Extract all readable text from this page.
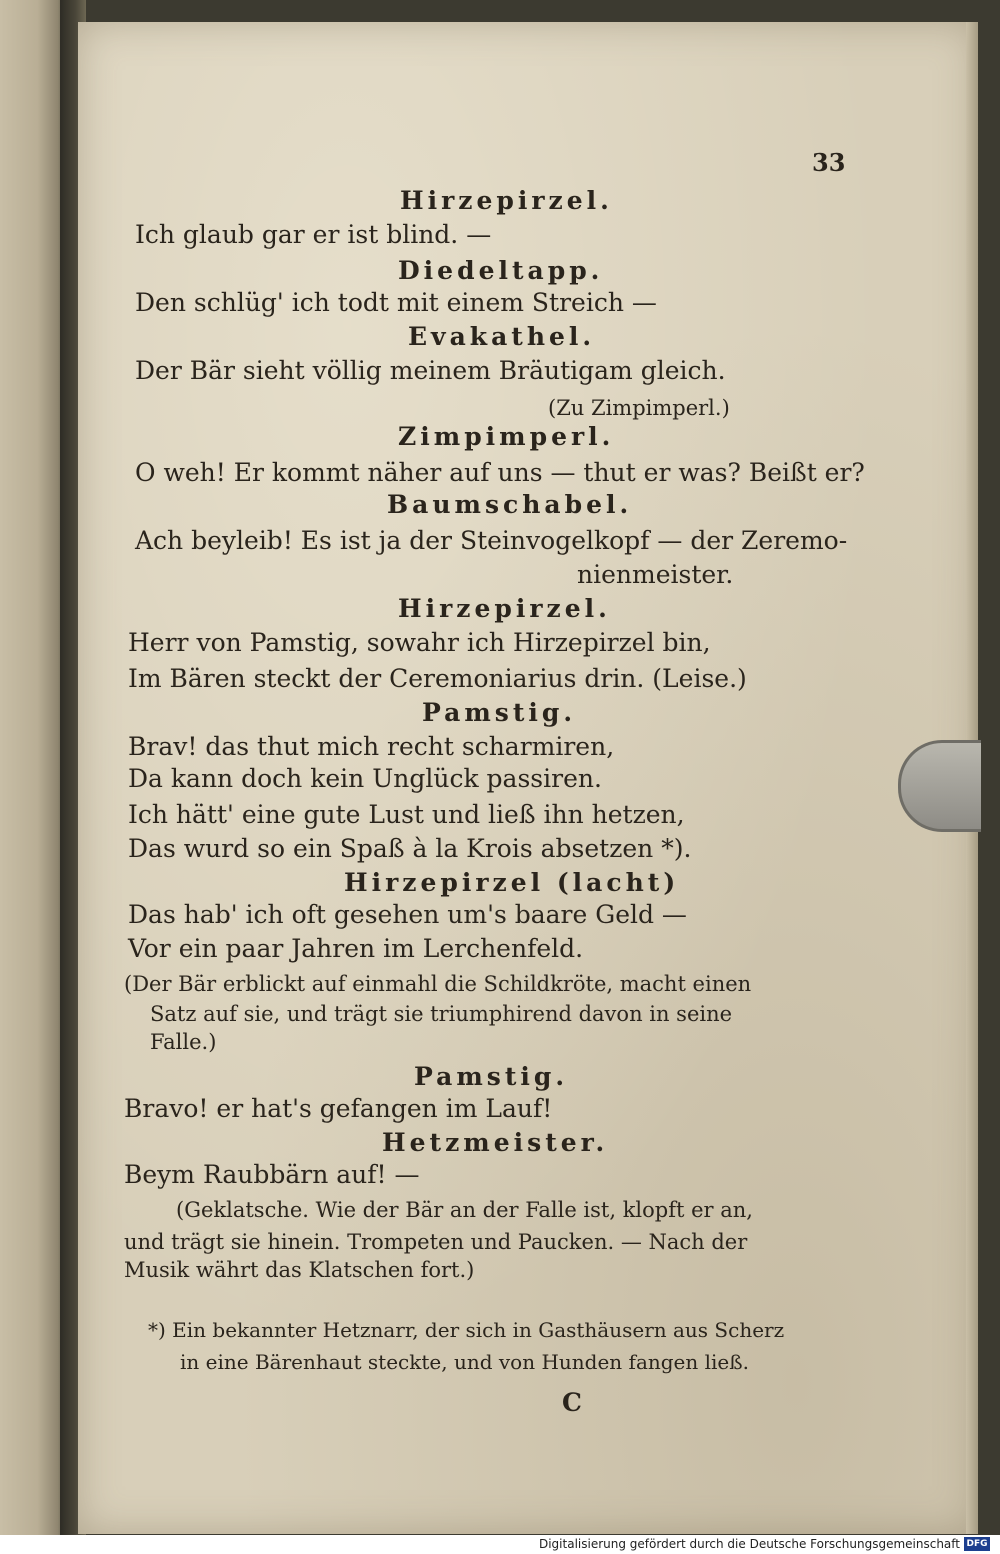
33
Hirzepirzel.
Ich glaub gar er ist blind. —
Diedeltapp.
Den schlüg' ich todt mit einem Streich —
Evakathel.
Der Bär sieht völlig meinem Bräutigam gleich.
(Zu Zimpimperl.)
Zimpimperl.
O weh! Er kommt näher auf uns — thut er was? Beißt er?
Baumschabel.
Ach beyleib! Es ist ja der Steinvogelkopf — der Zeremo-
nienmeister.
Hirzepirzel.
Herr von Pamstig, sowahr ich Hirzepirzel bin,
Im Bären steckt der Ceremoniarius drin. (Leise.)
Pamstig.
Brav! das thut mich recht scharmiren,
Da kann doch kein Unglück passiren.
Ich hätt' eine gute Lust und ließ ihn hetzen,
Das wurd so ein Spaß à la Krois absetzen *).
Hirzepirzel (lacht)
Das hab' ich oft gesehen um's baare Geld —
Vor ein paar Jahren im Lerchenfeld.
(Der Bär erblickt auf einmahl die Schildkröte, macht einen
Satz auf sie, und trägt sie triumphirend davon in seine
Falle.)
Pamstig.
Bravo! er hat's gefangen im Lauf!
Hetzmeister.
Beym Raubbärn auf! —
(Geklatsche. Wie der Bär an der Falle ist, klopft er an,
und trägt sie hinein. Trompeten und Paucken. — Nach der
Musik währt das Klatschen fort.)
*) Ein bekannter Hetznarr, der sich in Gasthäusern aus Scherz
in eine Bärenhaut steckte, und von Hunden fangen ließ.
C
Digitalisierung gefördert durch die Deutsche Forschungsgemeinschaft DFG
